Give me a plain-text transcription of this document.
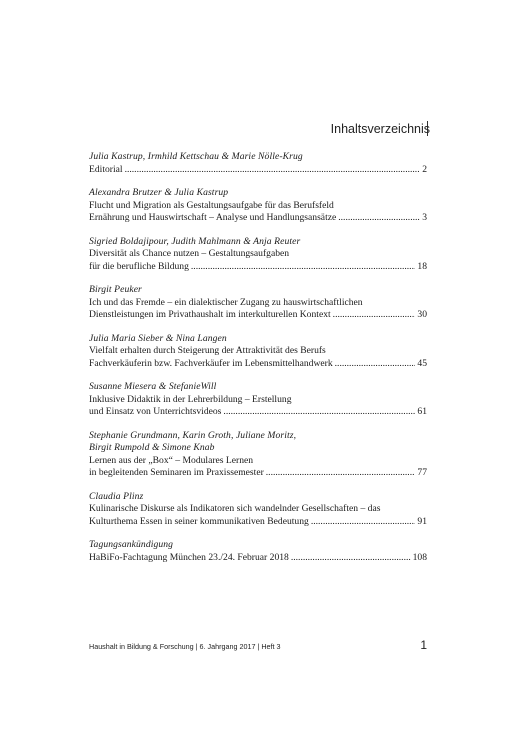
Inhaltsverzeichnis
Julia Kastrup, Irmhild Kettschau & Marie Nölle-Krug
Editorial .....	2
Alexandra Brutzer & Julia Kastrup
Flucht und Migration als Gestaltungsaufgabe für das Berufsfeld
Ernährung und Hauswirtschaft – Analyse und Handlungsansätze .....	3
Sigried Boldajipour, Judith Mahlmann & Anja Reuter
Diversität als Chance nutzen – Gestaltungsaufgaben
für die berufliche Bildung .....	18
Birgit Peuker
Ich und das Fremde – ein dialektischer Zugang zu hauswirtschaftlichen
Dienstleistungen im Privathaushalt im interkulturellen Kontext .....	30
Julia Maria Sieber & Nina Langen
Vielfalt erhalten durch Steigerung der Attraktivität des Berufs
Fachverkäuferin bzw. Fachverkäufer im Lebensmittelhandwerk .....	45
Susanne Miesera & StefanieWill
Inklusive Didaktik in der Lehrerbildung – Erstellung
und Einsatz von Unterrichtsvideos .....	61
Stephanie Grundmann, Karin Groth, Juliane Moritz,
Birgit Rumpold & Simone Knab
Lernen aus der „Box“ – Modulares Lernen
in begleitenden Seminaren im Praxissemester .....	77
Claudia Plinz
Kulinarische Diskurse als Indikatoren sich wandelnder Gesellschaften – das
Kulturthema Essen in seiner kommunikativen Bedeutung .....	91
Tagungsankündigung
HaBiFo-Fachtagung München 23./24. Februar 2018 .....	108
Haushalt in Bildung & Forschung | 6. Jahrgang 2017 | Heft 3	1
